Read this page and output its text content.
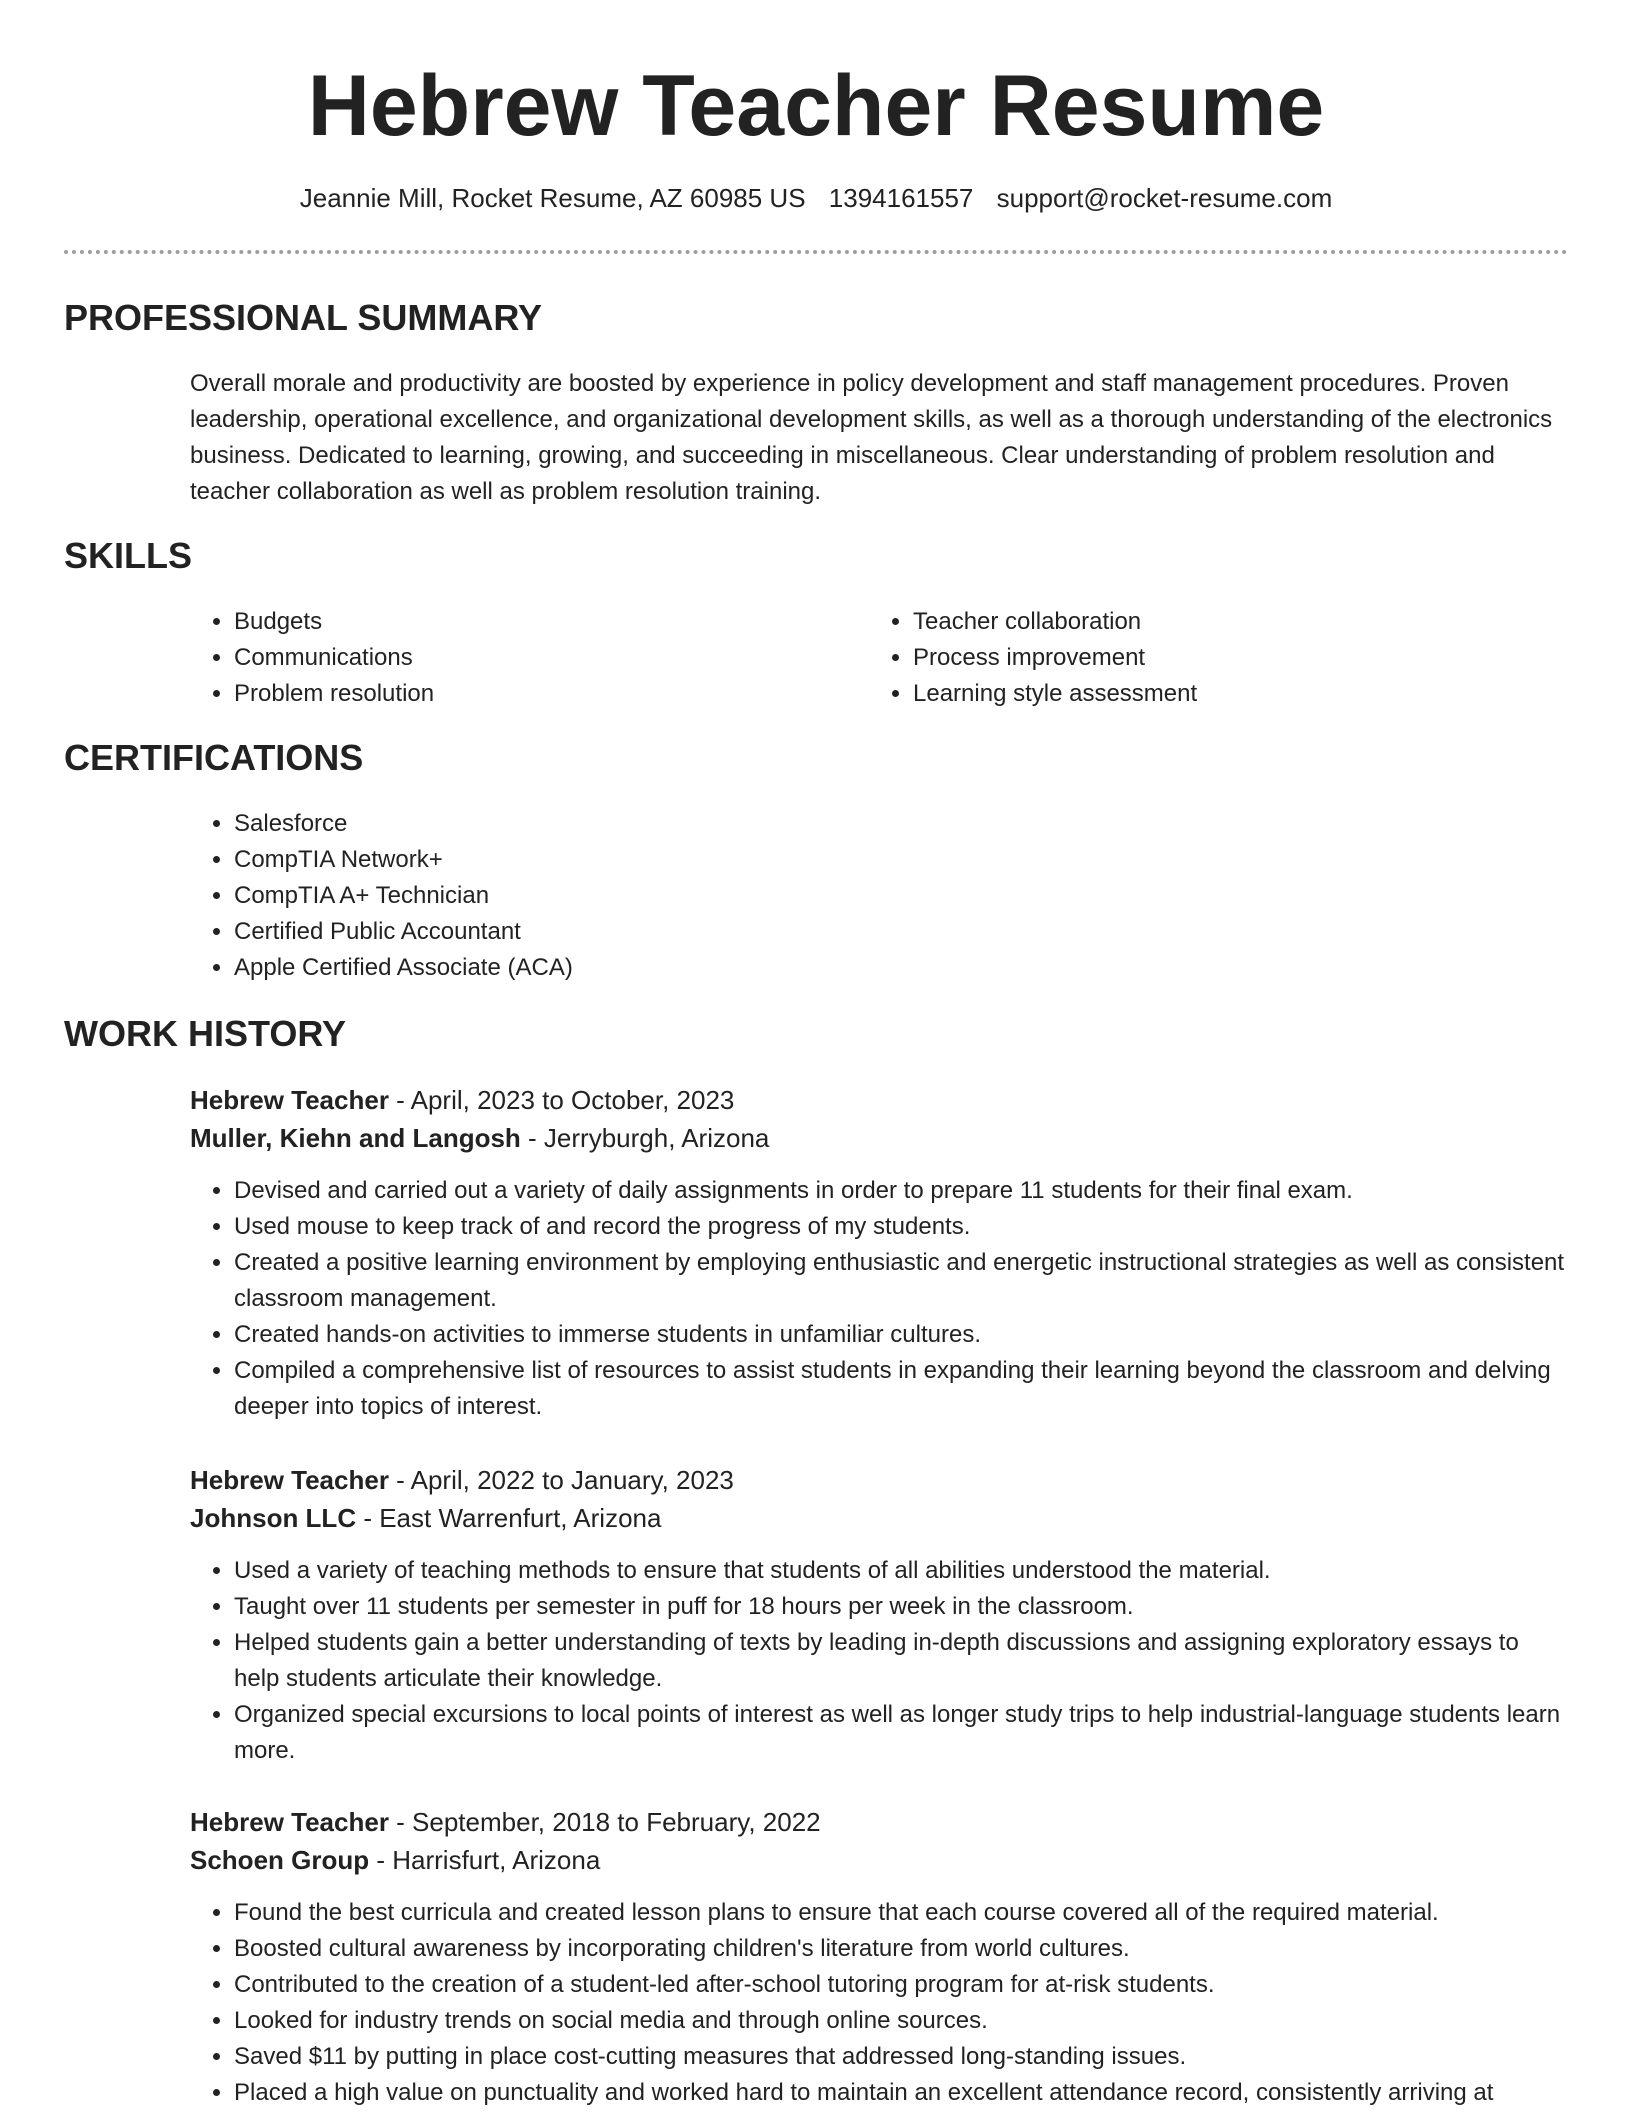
Hebrew Teacher Resume
Jeannie Mill, Rocket Resume, AZ 60985 US 1394161557 support@rocket-resume.com
PROFESSIONAL SUMMARY

Overall morale and productivity are boosted by experience in policy development and staff management procedures. Proven leadership, operational excellence, and organizational development skills, as well as a thorough understanding of the electronics business. Dedicated to learning, growing, and succeeding in miscellaneous. Clear understanding of problem resolution and teacher collaboration as well as problem resolution training.

SKILLS
• Budgets
• Communications
• Problem resolution
• Teacher collaboration
• Process improvement
• Learning style assessment
CERTIFICATIONS
• Salesforce
• CompTIA Network+
• CompTIA A+ Technician
• Certified Public Accountant
• Apple Certified Associate (ACA)
WORK HISTORY

Hebrew Teacher - April, 2023 to October, 2023

Muller, Kiehn and Langosh - Jerryburgh, Arizona

• Devised and carried out a variety of daily assignments in order to prepare 11 students for their final exam.
• Used mouse to keep track of and record the progress of my students.
• Created a positive learning environment by employing enthusiastic and energetic instructional strategies as well as consistent classroom management.
• Created hands-on activities to immerse students in unfamiliar cultures.
• Compiled a comprehensive list of resources to assist students in expanding their learning beyond the classroom and delving deeper into topics of interest.

Hebrew Teacher - April, 2022 to January, 2023

Johnson LLC - East Warrenfurt, Arizona

• Used a variety of teaching methods to ensure that students of all abilities understood the material.
• Taught over 11 students per semester in puff for 18 hours per week in the classroom.
• Helped students gain a better understanding of texts by leading in-depth discussions and assigning exploratory essays to help students articulate their knowledge.
• Organized special excursions to local points of interest as well as longer study trips to help industrial-language students learn more.

Hebrew Teacher - September, 2018 to February, 2022

Schoen Group - Harrisfurt, Arizona

• Found the best curricula and created lesson plans to ensure that each course covered all of the required material.
• Boosted cultural awareness by incorporating children's literature from world cultures.
• Contributed to the creation of a student-led after-school tutoring program for at-risk students.
• Looked for industry trends on social media and through online sources.
• Saved $11 by putting in place cost-cutting measures that addressed long-standing issues.
• Placed a high value on punctuality and worked hard to maintain an excellent attendance record, consistently arriving at
